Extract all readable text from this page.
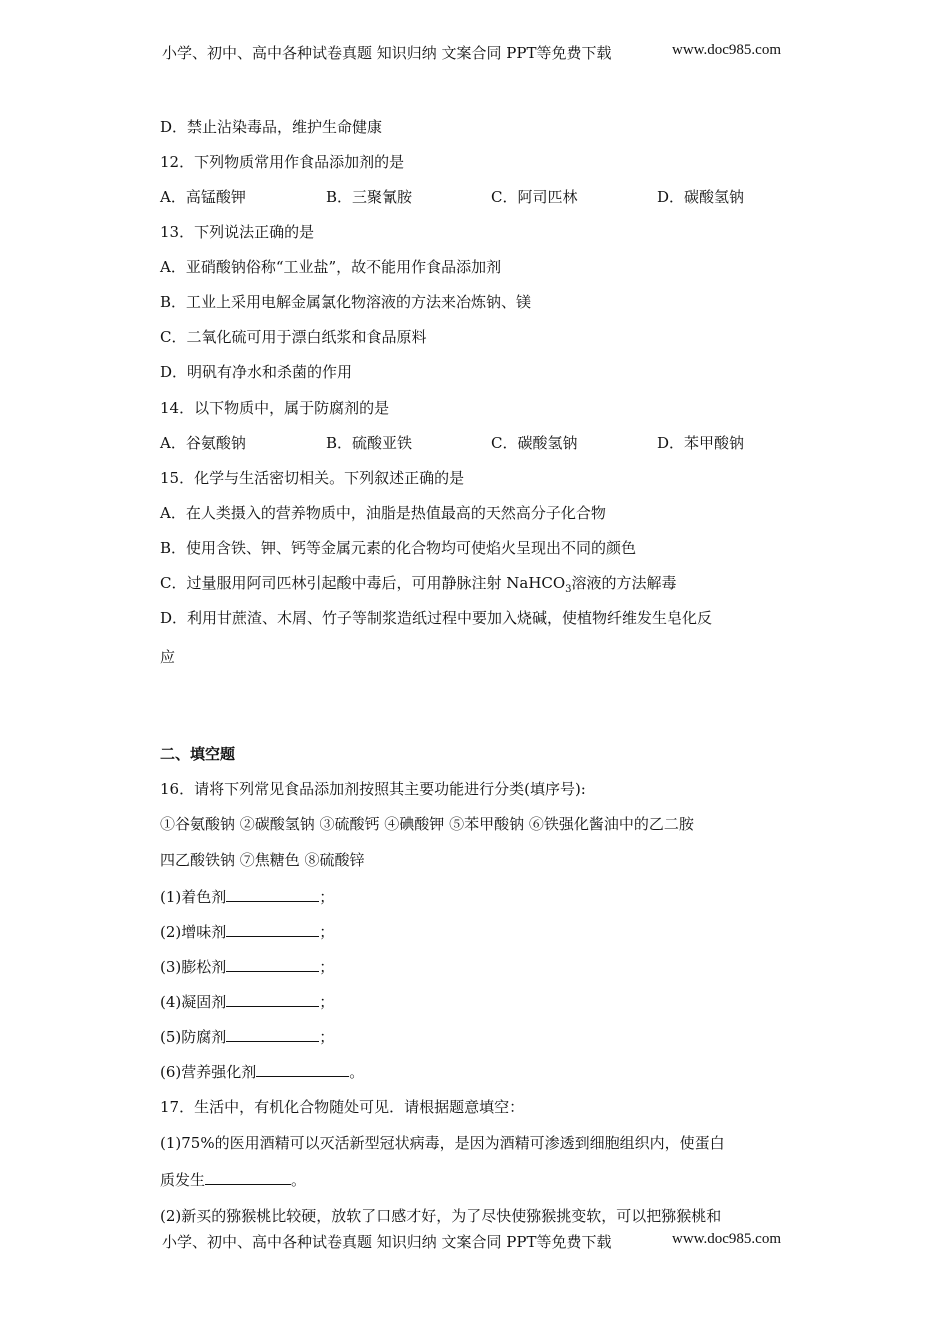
小学、初中、高中各种试卷真题 知识归纳 文案合同 PPT等免费下载	www.doc985.com
D．禁止沾染毒品，维护生命健康
12．下列物质常用作食品添加剂的是
A．高锰酸钾	B．三聚氰胺	C．阿司匹林	D．碳酸氢钠
13．下列说法正确的是
A．亚硝酸钠俗称“工业盐”，故不能用作食品添加剂
B．工业上采用电解金属氯化物溶液的方法来冶炼钠、镁
C．二氧化硫可用于漂白纸浆和食品原料
D．明矾有净水和杀菌的作用
14．以下物质中，属于防腐剂的是
A．谷氨酸钠	B．硫酸亚铁	C．碳酸氢钠	D．苯甲酸钠
15．化学与生活密切相关。下列叙述正确的是
A．在人类摄入的营养物质中，油脂是热值最高的天然高分子化合物
B．使用含铁、钾、钙等金属元素的化合物均可使焰火呈现出不同的颜色
C．过量服用阿司匹林引起酸中毒后，可用静脉注射 NaHCO$_3$溶液的方法解毒
D．利用甘蔗渣、木屑、竹子等制浆造纸过程中要加入烧碱，使植物纤维发生皂化反
应
二、填空题
16．请将下列常见食品添加剂按照其主要功能进行分类(填序号):
①谷氨酸钠 ②碳酸氢钠 ③硫酸钙 ④碘酸钾 ⑤苯甲酸钠 ⑥铁强化酱油中的乙二胺
四乙酸铁钠 ⑦焦糖色 ⑧硫酸锌
(1)着色剂	；
(2)增味剂	；
(3)膨松剂	；
(4)凝固剂	；
(5)防腐剂	；
(6)营养强化剂	。
17．生活中，有机化合物随处可见．请根据题意填空：
(1)75%的医用酒精可以灭活新型冠状病毒，是因为酒精可渗透到细胞组织内，使蛋白
质发生	。
(2)新买的猕猴桃比较硬，放软了口感才好，为了尽快使猕猴挑变软，可以把猕猴桃和
小学、初中、高中各种试卷真题 知识归纳 文案合同 PPT等免费下载	www.doc985.com
